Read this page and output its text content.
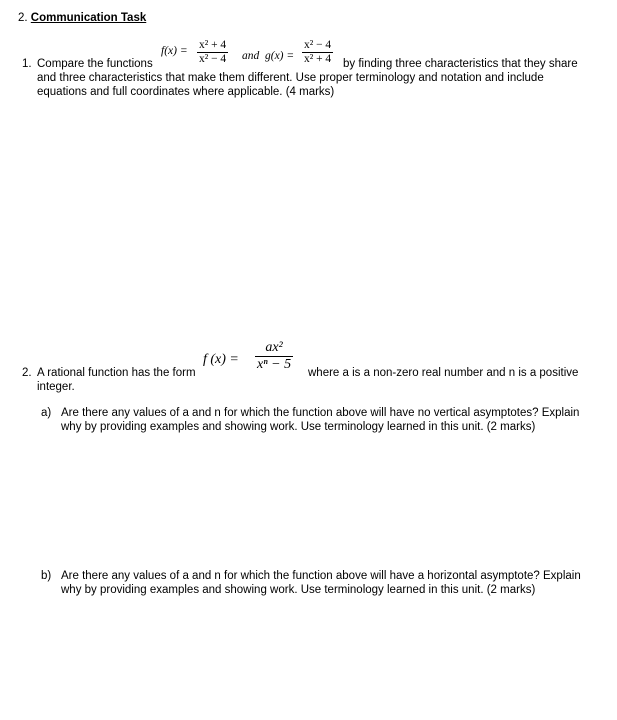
2. Communication Task
1. Compare the functions
f(x) = x² + 4
x² − 4 and g(x) =
x² − 4
x² + 4 by finding three characteristics that they share
and three characteristics that make them different. Use proper terminology and notation and include
equations and full coordinates where applicable. (4 marks)
2. A rational function has the form
f (x) =
ax²
xⁿ − 5
where a is a non-zero real number and n is a positive
integer.
a) Are there any values of a and n for which the function above will have no vertical asymptotes? Explain
why by providing examples and showing work. Use terminology learned in this unit. (2 marks)
b) Are there any values of a and n for which the function above will have a horizontal asymptote? Explain
why by providing examples and showing work. Use terminology learned in this unit. (2 marks)
